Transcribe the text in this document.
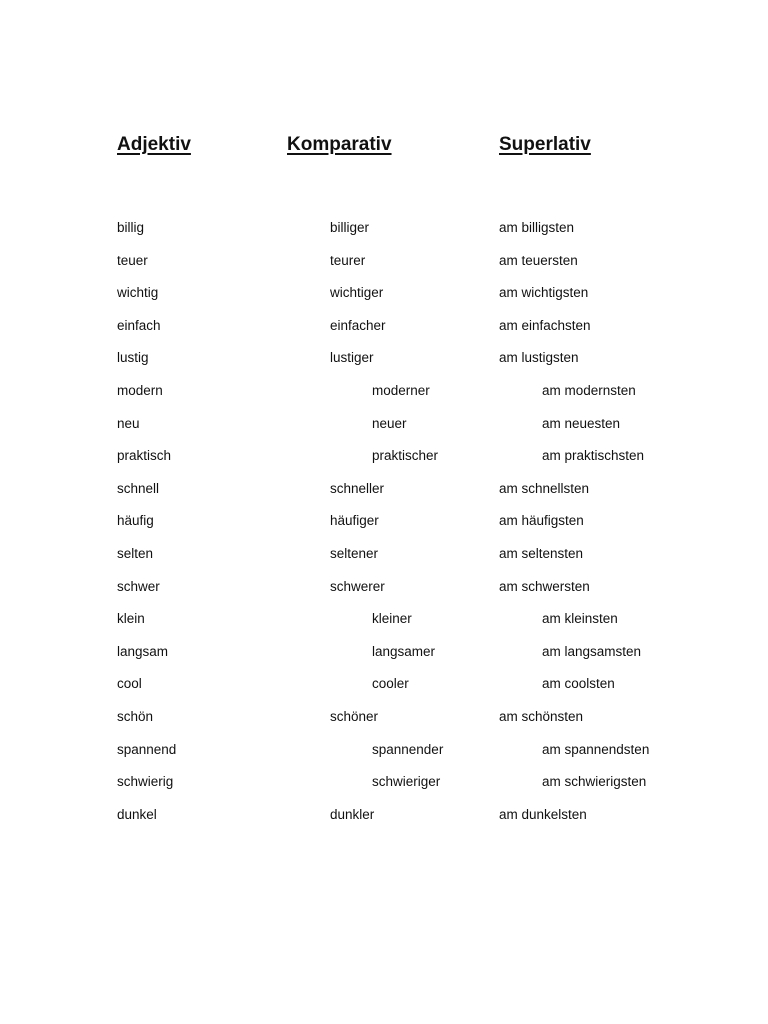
Adjektiv	Komparativ	Superlativ
billig	billiger	am billigsten
teuer	teurer	am teuersten
wichtig	wichtiger	am wichtigsten
einfach	einfacher	am einfachsten
lustig	lustiger	am lustigsten
modern	moderner	am modernsten
neu	neuer	am neuesten
praktisch	praktischer	am praktischsten
schnell	schneller	am schnellsten
häufig	häufiger	am häufigsten
selten	seltener	am seltensten
schwer	schwerer	am schwersten
klein	kleiner	am kleinsten
langsam	langsamer	am langsamsten
cool	cooler	am coolsten
schön	schöner	am schönsten
spannend	spannender	am spannendsten
schwierig	schwieriger	am schwierigsten
dunkel	dunkler	am dunkelsten
